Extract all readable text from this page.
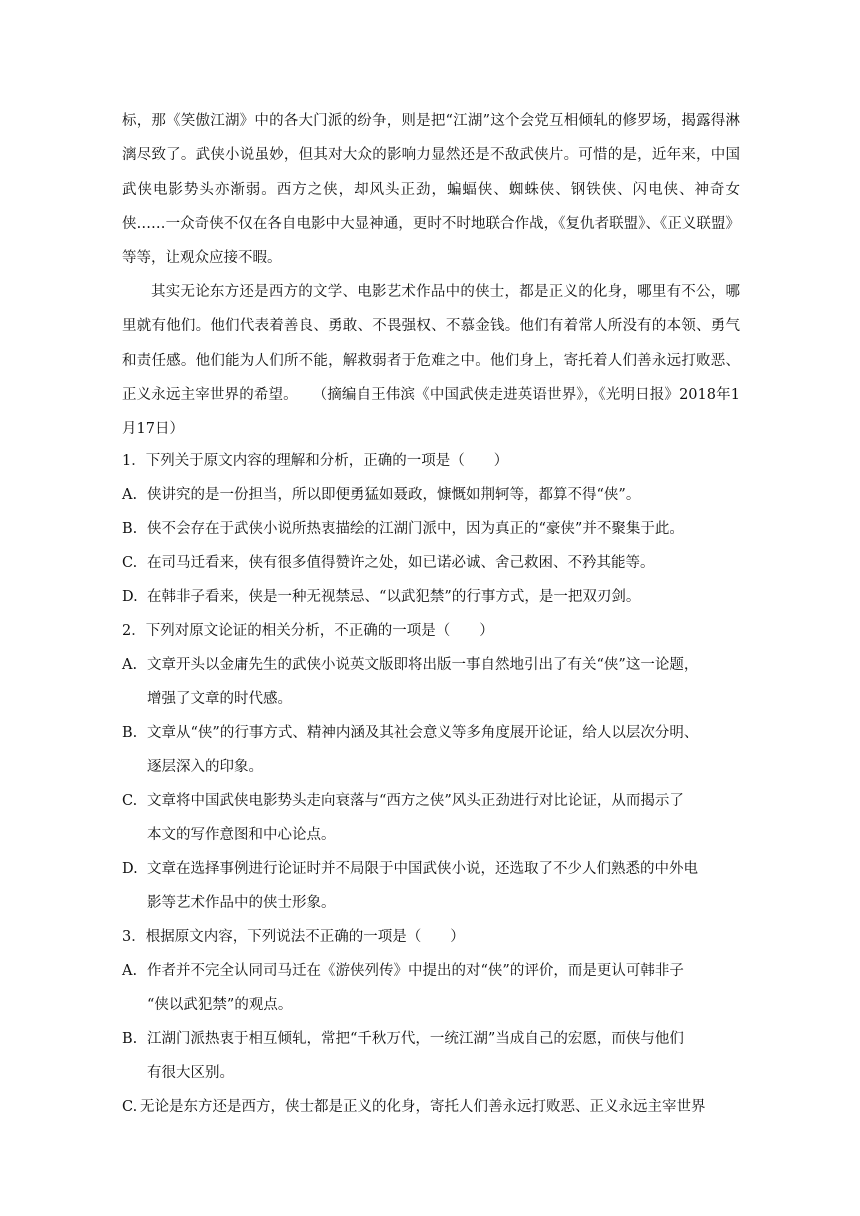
标，那《笑傲江湖》中的各大门派的纷争，则是把“江湖”这个会党互相倾轧的修罗场，揭露得淋漓尽致了。武侠小说虽妙，但其对大众的影响力显然还是不敌武侠片。可惜的是，近年来，中国武侠电影势头亦渐弱。西方之侠，却风头正劲，蝙蝠侠、蜘蛛侠、钢铁侠、闪电侠、神奇女侠……一众奇侠不仅在各自电影中大显神通，更时不时地联合作战，《复仇者联盟》、《正义联盟》等等，让观众应接不暇。
其实无论东方还是西方的文学、电影艺术作品中的侠士，都是正义的化身，哪里有不公，哪里就有他们。他们代表着善良、勇敢、不畏强权、不慕金钱。他们有着常人所没有的本领、勇气和责任感。他们能为人们所不能，解救弱者于危难之中。他们身上，寄托着人们善永远打败恶、正义永远主宰世界的希望。　　（摘编自王伟滨《中国武侠走进英语世界》，《光明日报》2018年1月17日）
1．下列关于原文内容的理解和分析，正确的一项是（　　）
A. 侠讲究的是一份担当，所以即便勇猛如聂政，慷慨如荆轲等，都算不得“侠”。
B. 侠不会存在于武侠小说所热衷描绘的江湖门派中，因为真正的“豪侠”并不聚集于此。
C. 在司马迁看来，侠有很多值得赞许之处，如已诺必诚、舍己救困、不矜其能等。
D. 在韩非子看来，侠是一种无视禁忌、“以武犯禁”的行事方式，是一把双刃剑。
2．下列对原文论证的相关分析，不正确的一项是（　　）
A. 文章开头以金庸先生的武侠小说英文版即将出版一事自然地引出了有关“侠”这一论题，
增强了文章的时代感。
B. 文章从“侠”的行事方式、精神内涵及其社会意义等多角度展开论证，给人以层次分明、
逐层深入的印象。
C. 文章将中国武侠电影势头走向衰落与“西方之侠”风头正劲进行对比论证，从而揭示了
本文的写作意图和中心论点。
D. 文章在选择事例进行论证时并不局限于中国武侠小说，还选取了不少人们熟悉的中外电
影等艺术作品中的侠士形象。
3．根据原文内容，下列说法不正确的一项是（　　）
A. 作者并不完全认同司马迁在《游侠列传》中提出的对“侠”的评价，而是更认可韩非子
“侠以武犯禁”的观点。
B. 江湖门派热衷于相互倾轧，常把“千秋万代，一统江湖”当成自己的宏愿，而侠与他们
有很大区别。
C. 无论是东方还是西方，侠士都是正义的化身，寄托人们善永远打败恶、正义永远主宰世界
